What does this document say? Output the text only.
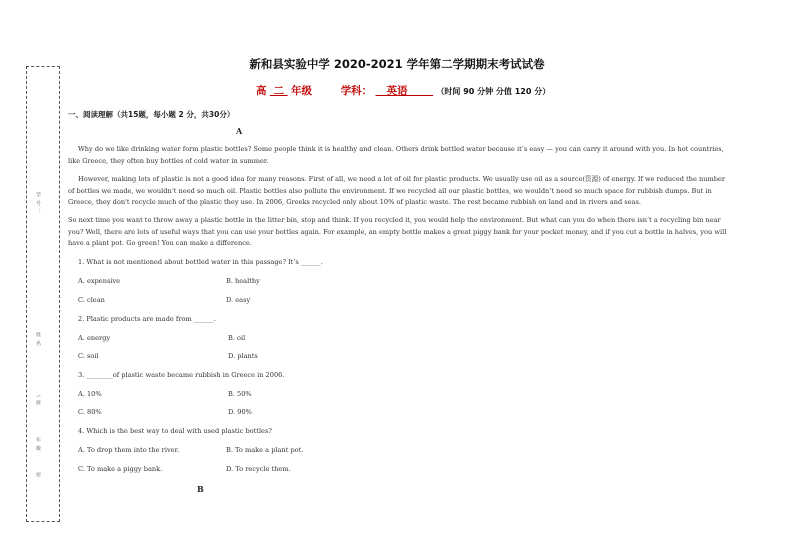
学 号 ：
姓 名
\ 班
年 级
密
新和县实验中学 2020-2021 学年第二学期期末考试试卷
高 二 年级	学科： 英语	（时间 90 分钟 分值 120 分）
一、阅读理解（共15题，每小题 2 分，共30分）
A
Why do we like drinking water form plastic bottles? Some people think it is healthy and clean. Others drink bottled water because it’s easy — you can carry it around with you. In hot countries, like Greece, they often buy bottles of cold water in summer.
However, making lots of plastic is not a good idea for many reasons. First of all, we need a lot of oil for plastic products. We usually use oil as a source(资源) of energy. If we reduced the number of bottles we made, we wouldn’t need so much oil. Plastic bottles also pollute the environment. If we recycled all our plastic bottles, we wouldn’t need so much space for rubbish dumps. But in Greece, they don't recycle much of the plastic they use. In 2006, Greeks recycled only about 10% of plastic waste. The rest became rubbish on land and in rivers and seas.
So next time you want to throw away a plastic bottle in the litter bin, stop and think. If you recycled it, you would help the environment. But what can you do when there isn’t a recycling bin near you? Well, there are lots of useful ways that you can use your bottles again. For example, an empty bottle makes a great piggy bank for your pocket money, and if you cut a bottle in halves, you will have a plant pot. Go green! You can make a difference.
1. What is not mentioned about bottled water in this passage? It’s ______.
A. expensive	B. healthy
C. clean	D. easy
2. Plastic products are made from ______.
A. energy	B. oil
C. soil	D. plants
3. ________of plastic waste became rubbish in Greece in 2006.
A. 10%	B. 50%
C. 80%	D. 90%
4. Which is the best way to deal with used plastic bottles?
A. To drop them into the river.	B. To make a plant pot.
C. To make a piggy bank.	D. To recycle them.
B
